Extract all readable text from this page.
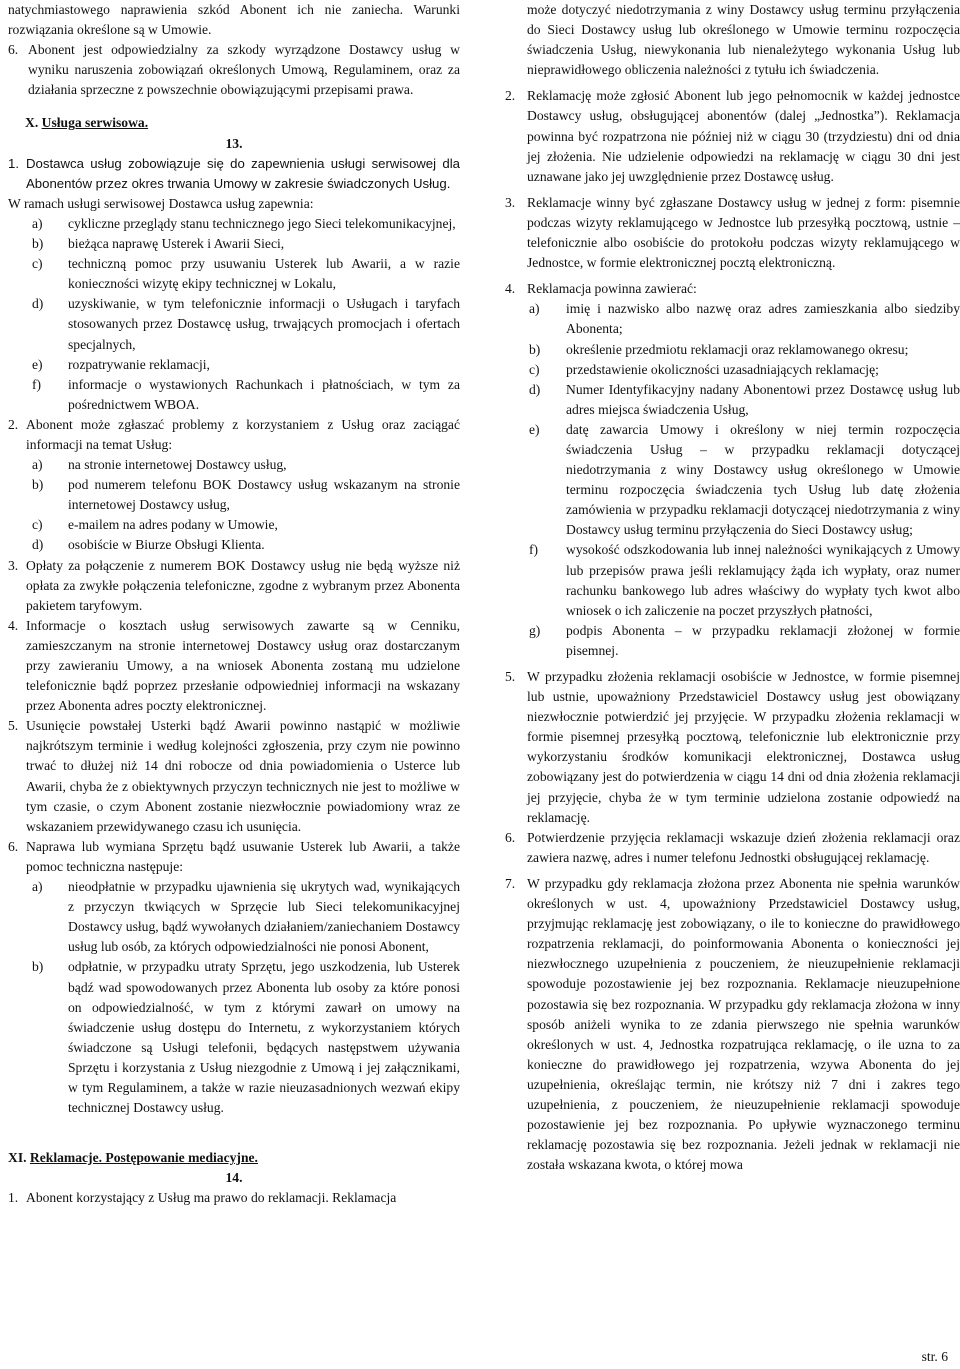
natychmiastowego naprawienia szkód Abonent ich nie zaniecha. Warunki rozwiązania określone są w Umowie.

6. Abonent jest odpowiedzialny za szkody wyrządzone Dostawcy usług w wyniku naruszenia zobowiązań określonych Umową, Regulaminem, oraz za działania sprzeczne z powszechnie obowiązującymi przepisami prawa.
X. Usługa serwisowa.
13.
1. Dostawca usług zobowiązuje się do zapewnienia usługi serwisowej dla Abonentów przez okres trwania Umowy w zakresie świadczonych Usług.

W ramach usługi serwisowej Dostawca usług zapewnia:

a)	cykliczne przeglądy stanu technicznego jego Sieci telekomunikacyjnej,
b)	bieżąca naprawę Usterek i Awarii Sieci,
c)	techniczną pomoc przy usuwaniu Usterek lub Awarii, a w razie konieczności wizytę ekipy technicznej w Lokalu,
d)	uzyskiwanie, w tym telefonicznie informacji o Usługach i taryfach stosowanych przez Dostawcę usług, trwających promocjach i ofertach specjalnych,
e)	rozpatrywanie reklamacji,
f)	informacje o wystawionych Rachunkach i płatnościach, w tym za pośrednictwem WBOA.
2. Abonent może zgłaszać problemy z korzystaniem z Usług oraz zaciągać informacji na temat Usług:
a)	na stronie internetowej Dostawcy usług,
b)	pod numerem telefonu BOK Dostawcy usług wskazanym na stronie internetowej Dostawcy usług,
c)	e-mailem na adres podany w Umowie,
d)	osobiście w Biurze Obsługi Klienta.
3. Opłaty za połączenie z numerem BOK Dostawcy usług nie będą wyższe niż opłata za zwykłe połączenia telefoniczne, zgodne z wybranym przez Abonenta pakietem taryfowym.
4. Informacje o kosztach usług serwisowych zawarte są w Cenniku, zamieszczanym na stronie internetowej Dostawcy usług oraz dostarczanym przy zawieraniu Umowy, a na wniosek Abonenta zostaną mu udzielone telefonicznie bądź poprzez przesłanie odpowiedniej informacji na wskazany przez Abonenta adres poczty elektronicznej.
5. Usunięcie powstałej Usterki bądź Awarii powinno nastąpić w możliwie najkrótszym terminie i według kolejności zgłoszenia, przy czym nie powinno trwać to dłużej niż 14 dni robocze od dnia powiadomienia o Usterce lub Awarii, chyba że z obiektywnych przyczyn technicznych nie jest to możliwe w tym czasie, o czym Abonent zostanie niezwłocznie powiadomiony wraz ze wskazaniem przewidywanego czasu ich usunięcia.
6. Naprawa lub wymiana Sprzętu bądź usuwanie Usterek lub Awarii, a także pomoc techniczna następuje:
a)	nieodpłatnie w przypadku ujawnienia się ukrytych wad, wynikających z przyczyn tkwiących w Sprzęcie lub Sieci telekomunikacyjnej Dostawcy usług, bądź wywołanych działaniem/zaniechaniem Dostawcy usług lub osób, za których odpowiedzialności nie ponosi Abonent,
b)	odpłatnie, w przypadku utraty Sprzętu, jego uszkodzenia, lub Usterek bądź wad spowodowanych przez Abonenta lub osoby za które ponosi on odpowiedzialność, w tym z którymi zawarł on umowy na świadczenie usług dostępu do Internetu, z wykorzystaniem których świadczone są Usługi telefonii, będących następstwem używania Sprzętu i korzystania z Usług niezgodnie z Umową i jej załącznikami, w tym Regulaminem, a także w razie nieuzasadnionych wezwań ekipy technicznej Dostawcy usług.
XI. Reklamacje. Postępowanie mediacyjne.
14.
1. Abonent korzystający z Usług ma prawo do reklamacji. Reklamacja

może dotyczyć niedotrzymania z winy Dostawcy usług terminu przyłączenia do Sieci Dostawcy usług lub określonego w Umowie terminu rozpoczęcia świadczenia Usług, niewykonania lub nienależytego wykonania Usług lub nieprawidłowego obliczenia należności z tytułu ich świadczenia.

2. Reklamację może zgłosić Abonent lub jego pełnomocnik w każdej jednostce Dostawcy usług, obsługującej abonentów (dalej „Jednostka”). Reklamacja powinna być rozpatrzona nie później niż w ciągu 30 (trzydziestu) dni od dnia jej złożenia. Nie udzielenie odpowiedzi na reklamację w ciągu 30 dni jest uznawane jako jej uwzględnienie przez Dostawcę usług.
3. Reklamacje winny być zgłaszane Dostawcy usług w jednej z form: pisemnie podczas wizyty reklamującego w Jednostce lub przesyłką pocztową, ustnie – telefonicznie albo osobiście do protokołu podczas wizyty reklamującego w Jednostce, w formie elektronicznej pocztą elektroniczną.
4. Reklamacja powinna zawierać:
a)	imię i nazwisko albo nazwę oraz adres zamieszkania albo siedziby Abonenta;
b)	określenie przedmiotu reklamacji oraz reklamowanego okresu;
c)	przedstawienie okoliczności uzasadniających reklamację;
d)	Numer Identyfikacyjny nadany Abonentowi przez Dostawcę usług lub adres miejsca świadczenia Usług,
e)	datę zawarcia Umowy i określony w niej termin rozpoczęcia świadczenia Usług – w przypadku reklamacji dotyczącej niedotrzymania z winy Dostawcy usług określonego w Umowie terminu rozpoczęcia świadczenia tych Usług lub datę złożenia zamówienia w przypadku reklamacji dotyczącej niedotrzymania z winy Dostawcy usług terminu przyłączenia do Sieci Dostawcy usług;
f)	wysokość odszkodowania lub innej należności wynikających z Umowy lub przepisów prawa jeśli reklamujący żąda ich wypłaty, oraz numer rachunku bankowego lub adres właściwy do wypłaty tych kwot albo wniosek o ich zaliczenie na poczet przyszłych płatności,
g)	podpis Abonenta – w przypadku reklamacji złożonej w formie pisemnej.
5. W przypadku złożenia reklamacji osobiście w Jednostce, w formie pisemnej lub ustnie, upoważniony Przedstawiciel Dostawcy usług jest obowiązany niezwłocznie potwierdzić jej przyjęcie. W przypadku złożenia reklamacji w formie pisemnej przesyłką pocztową, telefonicznie lub elektronicznie przy wykorzystaniu środków komunikacji elektronicznej, Dostawca usług zobowiązany jest do potwierdzenia w ciągu 14 dni od dnia złożenia reklamacji jej przyjęcie, chyba że w tym terminie udzielona zostanie odpowiedź na reklamację.
6. Potwierdzenie przyjęcia reklamacji wskazuje dzień złożenia reklamacji oraz zawiera nazwę, adres i numer telefonu Jednostki obsługującej reklamację.
7. W przypadku gdy reklamacja złożona przez Abonenta nie spełnia warunków określonych w ust. 4, upoważniony Przedstawiciel Dostawcy usług, przyjmując reklamację jest zobowiązany, o ile to konieczne do prawidłowego rozpatrzenia reklamacji, do poinformowania Abonenta o konieczności jej niezwłocznego uzupełnienia z pouczeniem, że nieuzupełnienie reklamacji spowoduje pozostawienie jej bez rozpoznania. Reklamacje nieuzupełnione pozostawia się bez rozpoznania. W przypadku gdy reklamacja złożona w inny sposób aniżeli wynika to ze zdania pierwszego nie spełnia warunków określonych w ust. 4, Jednostka rozpatrująca reklamację, o ile uzna to za konieczne do prawidłowego jej rozpatrzenia, wzywa Abonenta do jej uzupełnienia, określając termin, nie krótszy niż 7 dni i zakres tego uzupełnienia, z pouczeniem, że nieuzupełnienie reklamacji spowoduje pozostawienie jej bez rozpoznania. Po upływie wyznaczonego terminu reklamację pozostawia się bez rozpoznania. Jeżeli jednak w reklamacji nie została wskazana kwota, o której mowa
str. 6
